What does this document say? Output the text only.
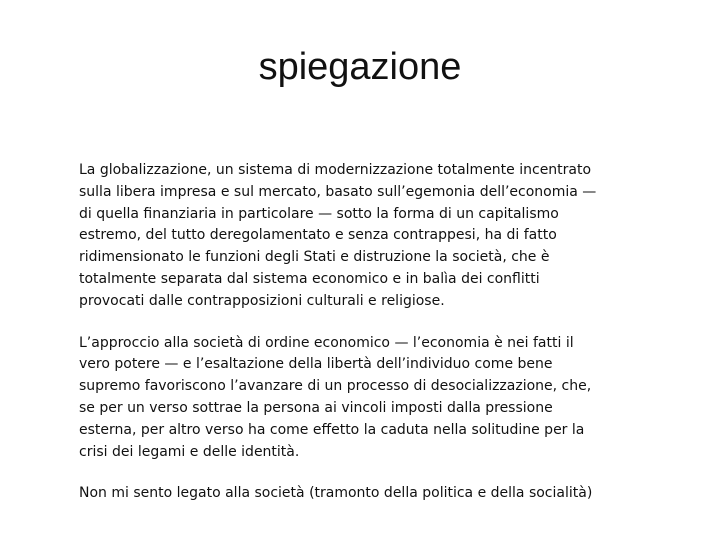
spiegazione

La globalizzazione, un sistema di modernizzazione totalmente incentrato
sulla libera impresa e sul mercato, basato sull’egemonia dell’economia —
di quella finanziaria in particolare — sotto la forma di un capitalismo
estremo, del tutto deregolamentato e senza contrappesi, ha di fatto
ridimensionato le funzioni degli Stati e distruzione la società, che è
totalmente separata dal sistema economico e in balìa dei conflitti
provocati dalle contrapposizioni culturali e religiose.

L’approccio alla società di ordine economico — l’economia è nei fatti il
vero potere — e l’esaltazione della libertà dell’individuo come bene
supremo favoriscono l’avanzare di un processo di desocializzazione, che,
se per un verso sottrae la persona ai vincoli imposti dalla pressione
esterna, per altro verso ha come effetto la caduta nella solitudine per la
crisi dei legami e delle identità.

Non mi sento legato alla società (tramonto della politica e della socialità)
